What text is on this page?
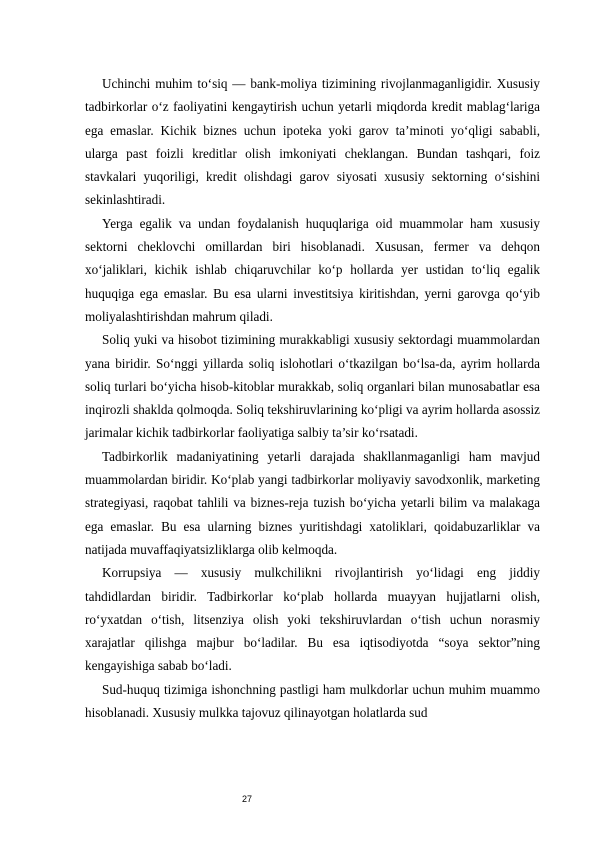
Uchinchi muhim to‘siq — bank-moliya tizimining rivojlanmaganligidir. Xususiy tadbirkorlar o‘z faoliyatini kengaytirish uchun yetarli miqdorda kredit mablag‘lariga ega emaslar. Kichik biznes uchun ipoteka yoki garov ta’minoti yo‘qligi sababli, ularga past foizli kreditlar olish imkoniyati cheklangan. Bundan tashqari, foiz stavkalari yuqoriligi, kredit olishdagi garov siyosati xususiy sektorning o‘sishini sekinlashtiradi.

Yerga egalik va undan foydalanish huquqlariga oid muammolar ham xususiy sektorni cheklovchi omillardan biri hisoblanadi. Xususan, fermer va dehqon xo‘jaliklari, kichik ishlab chiqaruvchilar ko‘p hollarda yer ustidan to‘liq egalik huquqiga ega emaslar. Bu esa ularni investitsiya kiritishdan, yerni garovga qo‘yib moliyalashtirishdan mahrum qiladi.

Soliq yuki va hisobot tizimining murakkabligi xususiy sektordagi muammolardan yana biridir. So‘nggi yillarda soliq islohotlari o‘tkazilgan bo‘lsa-da, ayrim hollarda soliq turlari bo‘yicha hisob-kitoblar murakkab, soliq organlari bilan munosabatlar esa inqirozli shaklda qolmoqda. Soliq tekshiruvlarining ko‘pligi va ayrim hollarda asossiz jarimalar kichik tadbirkorlar faoliyatiga salbiy ta’sir ko‘rsatadi.

Tadbirkorlik madaniyatining yetarli darajada shakllanmaganligi ham mavjud muammolardan biridir. Ko‘plab yangi tadbirkorlar moliyaviy savodxonlik, marketing strategiyasi, raqobat tahlili va biznes-reja tuzish bo‘yicha yetarli bilim va malakaga ega emaslar. Bu esa ularning biznes yuritishdagi xatoliklari, qoidabuzarliklar va natijada muvaffaqiyatsizliklarga olib kelmoqda.

Korrupsiya — xususiy mulkchilikni rivojlantirish yo‘lidagi eng jiddiy tahdidlardan biridir. Tadbirkorlar ko‘plab hollarda muayyan hujjatlarni olish, ro‘yxatdan o‘tish, litsenziya olish yoki tekshiruvlardan o‘tish uchun norasmiy xarajatlar qilishga majbur bo‘ladilar. Bu esa iqtisodiyotda “soya sektor”ning kengayishiga sabab bo‘ladi.

Sud-huquq tizimiga ishonchning pastligi ham mulkdorlar uchun muhim muammo hisoblanadi. Xususiy mulkka tajovuz qilinayotgan holatlarda sud

27
